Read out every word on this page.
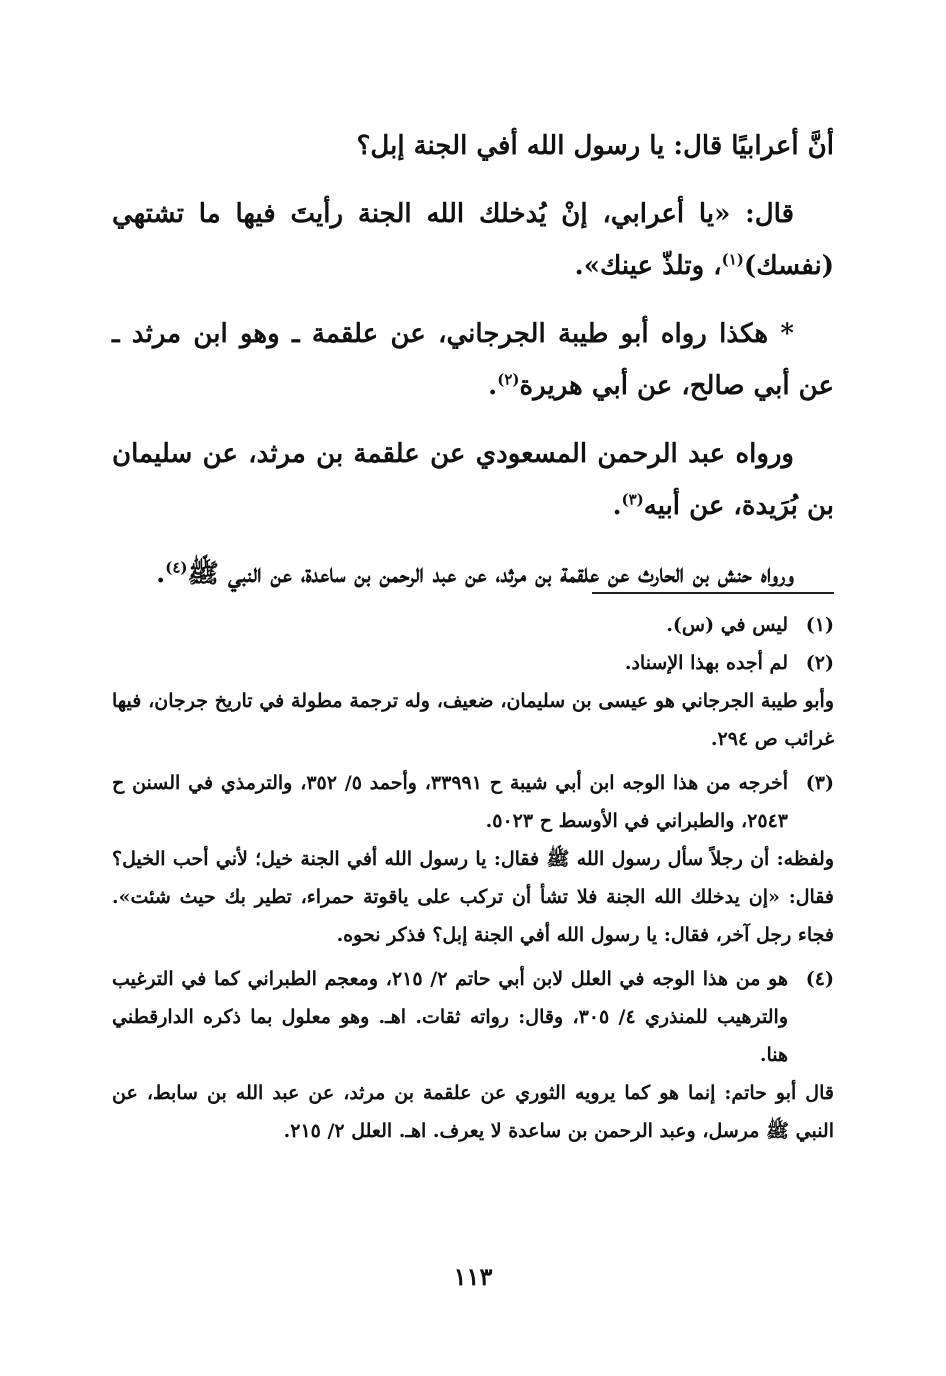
أنَّ أعرابيًا قال: يا رسول الله أفي الجنة إبل؟

قال: «يا أعرابي، إنْ يُدخلك الله الجنة رأيتَ فيها ما تشتهي (نفسك)$^{(١)}$، وتلذّ عينك».

* هكذا رواه أبو طيبة الجرجاني، عن علقمة ـ وهو ابن مرثد ـ عن أبي صالح، عن أبي هريرة$^{(٢)}$.

ورواه عبد الرحمن المسعودي عن علقمة بن مرثد، عن سليمان بن بُرَيدة، عن أبيه$^{(٣)}$.

ورواه حنش بن الحارث عن علقمة بن مرثد، عن عبد الرحمن بن ساعدة، عن النبي ﷺ$^{(٤)}$.

(١)

ليس في (س).

(٢)

لم أجده بهذا الإسناد.

وأبو طيبة الجرجاني هو عيسى بن سليمان، ضعيف، وله ترجمة مطولة في تاريخ جرجان، فيها غرائب ص ٢٩٤.

(٣)

أخرجه من هذا الوجه ابن أبي شيبة ح ٣٣٩٩١، وأحمد ٥/ ٣٥٢، والترمذي في السنن ح ٢٥٤٣، والطبراني في الأوسط ح ٥٠٢٣.

ولفظه: أن رجلاً سأل رسول الله ﷺ فقال: يا رسول الله أفي الجنة خيل؛ لأني أحب الخيل؟ فقال: «إن يدخلك الله الجنة فلا تشأ أن تركب على ياقوتة حمراء، تطير بك حيث شئت». فجاء رجل آخر، فقال: يا رسول الله أفي الجنة إبل؟ فذكر نحوه.

(٤)

هو من هذا الوجه في العلل لابن أبي حاتم ٢/ ٢١٥، ومعجم الطبراني كما في الترغيب والترهيب للمنذري ٤/ ٣٠٥، وقال: رواته ثقات. اهـ. وهو معلول بما ذكره الدارقطني هنا.

قال أبو حاتم: إنما هو كما يرويه الثوري عن علقمة بن مرثد، عن عبد الله بن سابط، عن النبي ﷺ مرسل، وعبد الرحمن بن ساعدة لا يعرف. اهـ. العلل ٢/ ٢١٥.

١١٣
